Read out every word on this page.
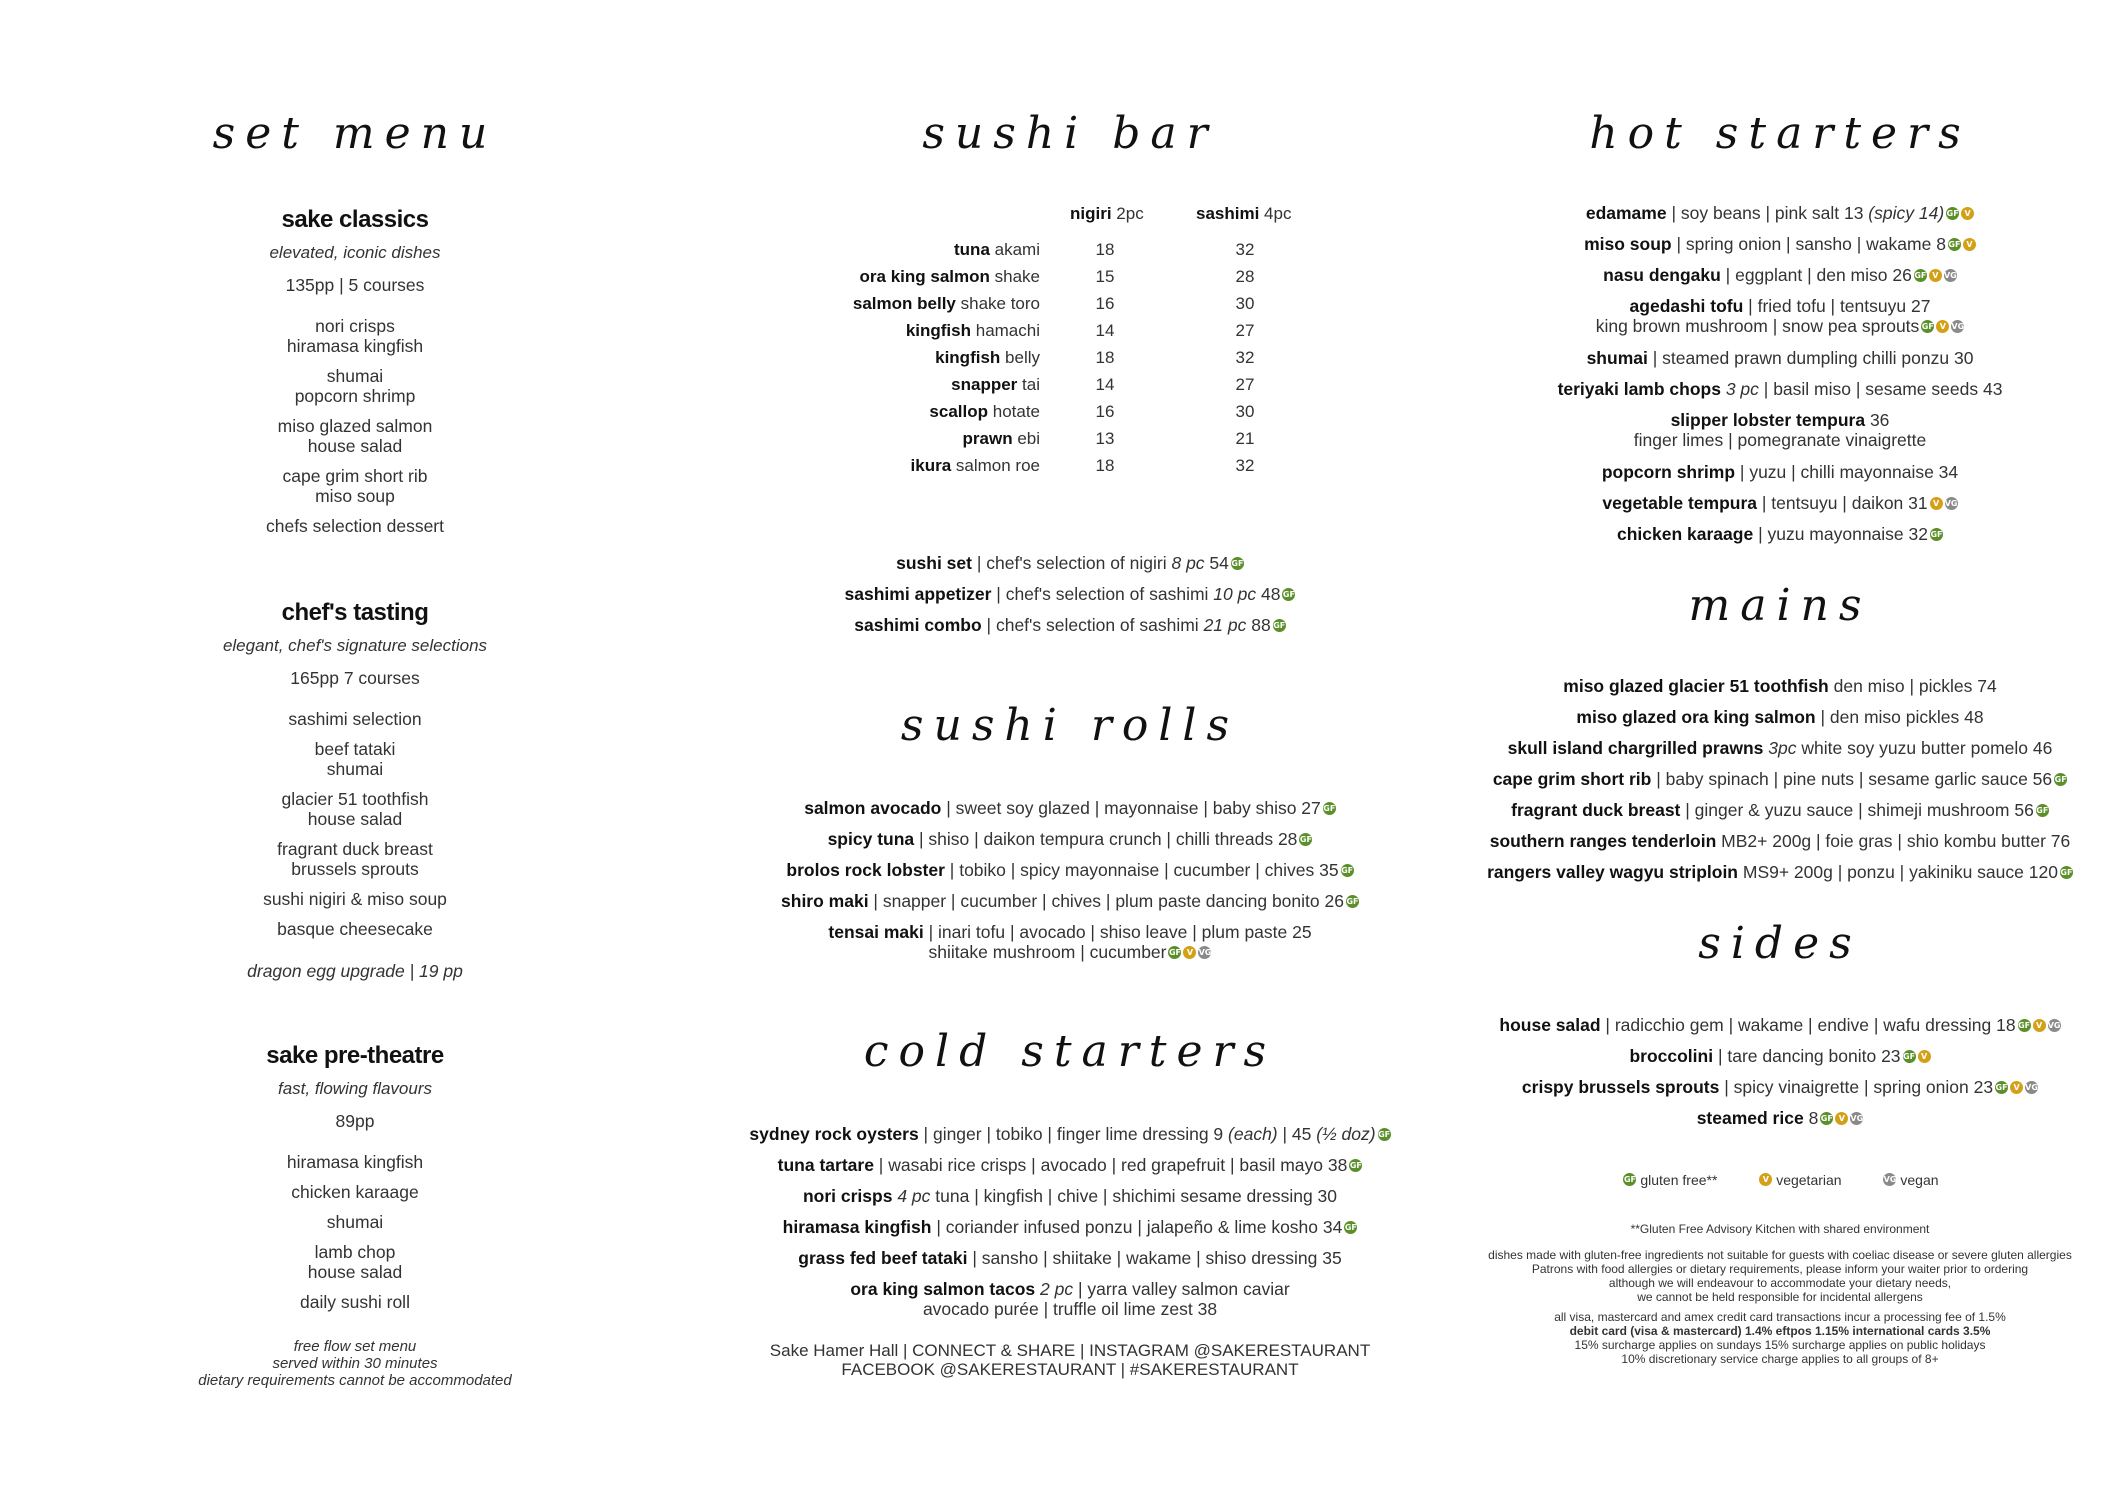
set menu
sake classics
elevated, iconic dishes
135pp | 5 courses
nori crisps
hiramasa kingfish
shumai
popcorn shrimp
miso glazed salmon
house salad
cape grim short rib
miso soup
chefs selection dessert
chef's tasting
elegant, chef's signature selections
165pp 7 courses
sashimi selection
beef tataki
shumai
glacier 51 toothfish
house salad
fragrant duck breast
brussels sprouts
sushi nigiri & miso soup
basque cheesecake
dragon egg upgrade | 19 pp
sake pre-theatre
fast, flowing flavours
89pp
hiramasa kingfish
chicken karaage
shumai
lamb chop
house salad
daily sushi roll
free flow set menu
served within 30 minutes
dietary requirements cannot be accommodated
sushi bar
nigiri 2pc	sashimi 4pc
tuna akami	18	32
ora king salmon shake	15	28
salmon belly shake toro	16	30
kingfish hamachi	14	27
kingfish belly	18	32
snapper tai	14	27
scallop hotate	16	30
prawn ebi	13	21
ikura salmon roe	18	32
sushi set | chef's selection of nigiri 8 pc 54 GF
sashimi appetizer | chef's selection of sashimi 10 pc 48 GF
sashimi combo | chef's selection of sashimi 21 pc 88 GF
sushi rolls
salmon avocado | sweet soy glazed | mayonnaise | baby shiso 27 GF
spicy tuna | shiso | daikon tempura crunch | chilli threads 28 GF
brolos rock lobster | tobiko | spicy mayonnaise | cucumber | chives 35 GF
shiro maki | snapper | cucumber | chives | plum paste dancing bonito 26 GF
tensai maki | inari tofu | avocado | shiso leave | plum paste 25
shiitake mushroom | cucumber GF V VG
cold starters
sydney rock oysters | ginger | tobiko | finger lime dressing 9 (each) | 45 (½ doz) GF
tuna tartare | wasabi rice crisps | avocado | red grapefruit | basil mayo 38 GF
nori crisps 4 pc tuna | kingfish | chive | shichimi sesame dressing 30
hiramasa kingfish | coriander infused ponzu | jalapeño & lime kosho 34 GF
grass fed beef tataki | sansho | shiitake | wakame | shiso dressing 35
ora king salmon tacos 2 pc | yarra valley salmon caviar
avocado purée | truffle oil lime zest 38
Sake Hamer Hall | CONNECT & SHARE | INSTAGRAM @SAKERESTAURANT
FACEBOOK @SAKERESTAURANT | #SAKERESTAURANT
hot starters
edamame | soy beans | pink salt 13 (spicy 14) GF V
miso soup | spring onion | sansho | wakame 8 GF V
nasu dengaku | eggplant | den miso 26 GF V VG
agedashi tofu | fried tofu | tentsuyu 27
king brown mushroom | snow pea sprouts GF V VG
shumai | steamed prawn dumpling chilli ponzu 30
teriyaki lamb chops 3 pc | basil miso | sesame seeds 43
slipper lobster tempura 36
finger limes | pomegranate vinaigrette
popcorn shrimp | yuzu | chilli mayonnaise 34
vegetable tempura | tentsuyu | daikon 31 V VG
chicken karaage | yuzu mayonnaise 32 GF
mains
miso glazed glacier 51 toothfish den miso | pickles 74
miso glazed ora king salmon | den miso pickles 48
skull island chargrilled prawns 3pc white soy yuzu butter pomelo 46
cape grim short rib | baby spinach | pine nuts | sesame garlic sauce 56 GF
fragrant duck breast | ginger & yuzu sauce | shimeji mushroom 56 GF
southern ranges tenderloin MB2+ 200g | foie gras | shio kombu butter 76
rangers valley wagyu striploin MS9+ 200g | ponzu | yakiniku sauce 120 GF
sides
house salad | radicchio gem | wakame | endive | wafu dressing 18 GF V VG
broccolini | tare dancing bonito 23 GF V
crispy brussels sprouts | spicy vinaigrette | spring onion 23 GF V VG
steamed rice 8 GF V VG
GF gluten free**	V vegetarian	VG vegan
**Gluten Free Advisory Kitchen with shared environment
dishes made with gluten-free ingredients not suitable for guests with coeliac disease or severe gluten allergies
Patrons with food allergies or dietary requirements, please inform your waiter prior to ordering
although we will endeavour to accommodate your dietary needs,
we cannot be held responsible for incidental allergens
all visa, mastercard and amex credit card transactions incur a processing fee of 1.5%
debit card (visa & mastercard) 1.4% eftpos 1.15% international cards 3.5%
15% surcharge applies on sundays 15% surcharge applies on public holidays
10% discretionary service charge applies to all groups of 8+
